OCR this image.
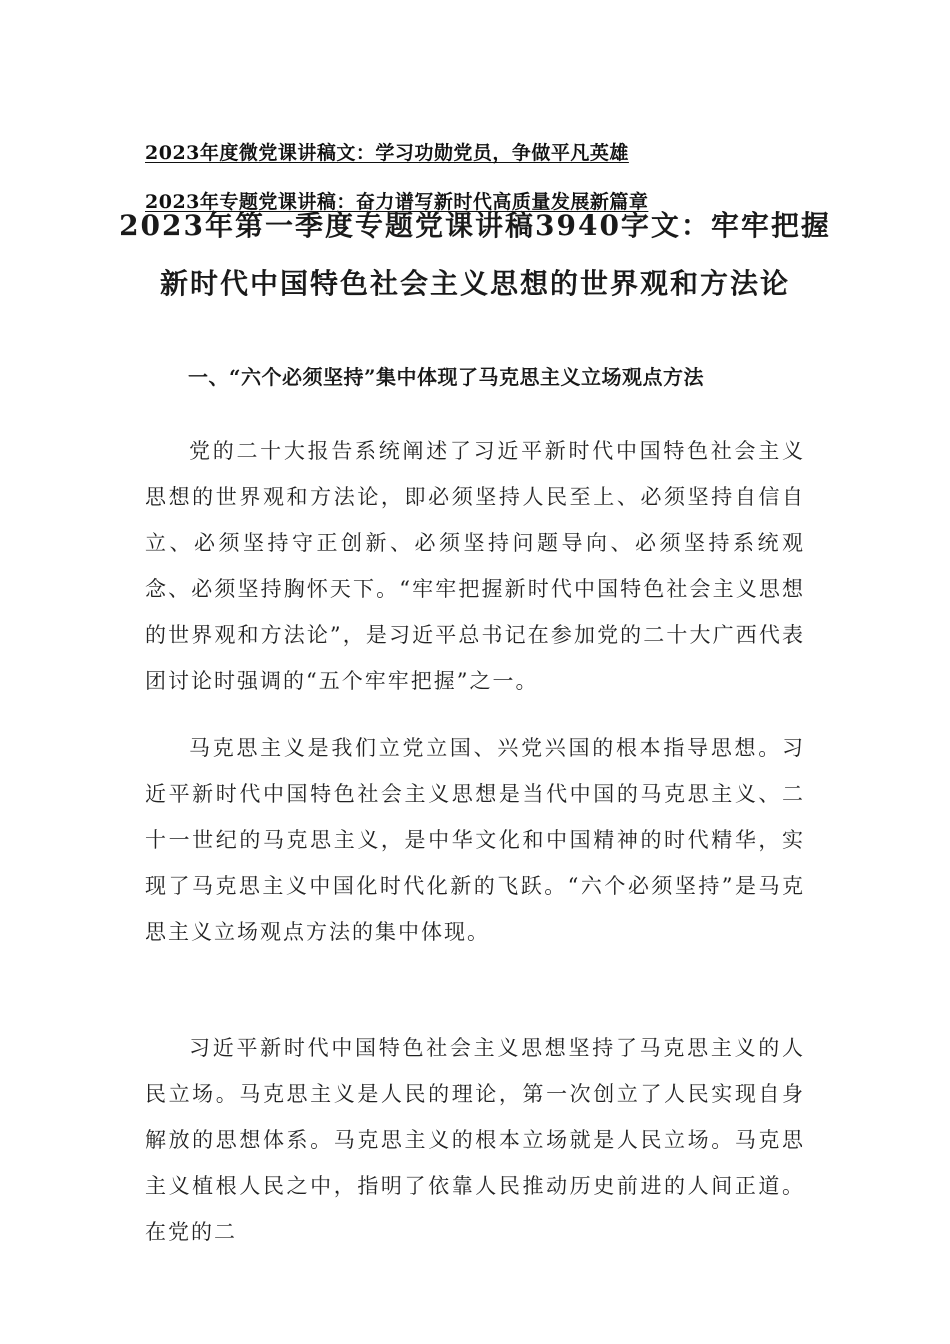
2023年度微党课讲稿文：学习功勋党员，争做平凡英雄
2023年专题党课讲稿：奋力谱写新时代高质量发展新篇章
2023年第一季度专题党课讲稿3940字文：牢牢把握
新时代中国特色社会主义思想的世界观和方法论
一、“六个必须坚持”集中体现了马克思主义立场观点方法

党的二十大报告系统阐述了习近平新时代中国特色社会主义思想的世界观和方法论，即必须坚持人民至上、必须坚持自信自立、必须坚持守正创新、必须坚持问题导向、必须坚持系统观念、必须坚持胸怀天下。“牢牢把握新时代中国特色社会主义思想的世界观和方法论”，是习近平总书记在参加党的二十大广西代表团讨论时强调的“五个牢牢把握”之一。

马克思主义是我们立党立国、兴党兴国的根本指导思想。习近平新时代中国特色社会主义思想是当代中国的马克思主义、二十一世纪的马克思主义，是中华文化和中国精神的时代精华，实现了马克思主义中国化时代化新的飞跃。“六个必须坚持”是马克思主义立场观点方法的集中体现。

习近平新时代中国特色社会主义思想坚持了马克思主义的人民立场。马克思主义是人民的理论，第一次创立了人民实现自身解放的思想体系。马克思主义的根本立场就是人民立场。马克思主义植根人民之中，指明了依靠人民推动历史前进的人间正道。在党的二
